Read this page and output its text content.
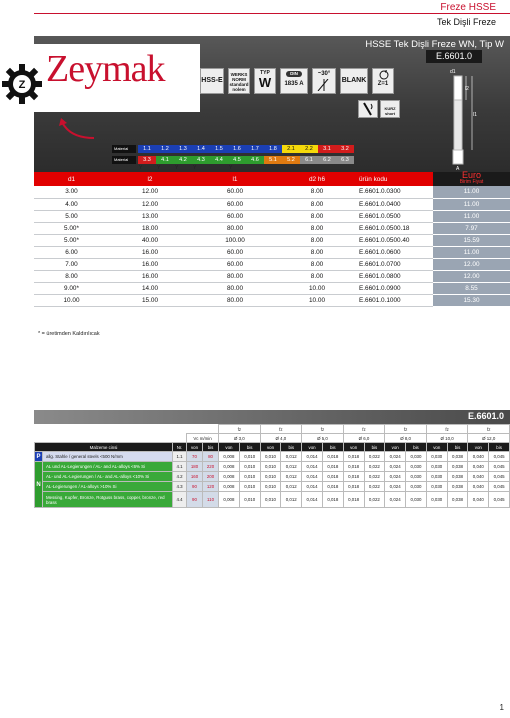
Freze HSSE
Tek Dişli Freze
HSSE Tek Dişli Freze WN, Tip W
E.6601.0
Z Zeymak	HSS-E
WERKS
NORM
standard
nolem
TYP
W
DIN
1835 A
~30°
BLANK	Z=1
KURZ
short
d1
l2
l1
A
Material	1.1	1.2	1.3	1.4	1.5	1.6	1.7	1.8	2.1	2.2	3.1	3.2
Material	3.3	4.1	4.2	4.3	4.4	4.5	4.6	5.1	5.2	6.1	6.2	6.3
Y	Y	Y	Y	Y
d1	l2	l1	d2 h6	ürün kodu	Euro
Birim Fiyat

3.00	12.00	60.00	8.00	E.6601.0.0300	11.00
4.00	12.00	60.00	8.00	E.6601.0.0400	11.00
5.00	13.00	60.00	8.00	E.6601.0.0500	11.00
5.00*	18.00	80.00	8.00	E.6601.0.0500.18	7.97
5.00*	40.00	100.00	8.00	E.6601.0.0500.40	15.59
6.00	16.00	60.00	8.00	E.6601.0.0600	11.00
7.00	16.00	60.00	8.00	E.6601.0.0700	12.00
8.00	16.00	80.00	8.00	E.6601.0.0800	12.00
9.00*	14.00	80.00	10.00	E.6601.0.0900	8.55
10.00	15.00	80.00	10.00	E.6601.0.1000	15.30
* = üretimden Kaldırılıcak
E.6601.0
					fz		fz		fz		fz		fz		fz		fz	
			Vc m/min		Ø 3,0		Ø 4,0		Ø 5,0		Ø 6,0		Ø 8,0		Ø 10,0		Ø 12,0	
Malzeme cinsi		Nr.	von	bis	von	bis	von	bis	von	bis	von	bis	von	bis	von	bis	von	bis
P	allg. Stahle / general steels <500 N/mm	1.1	70	80	0,008	0,010	0,010	0,012	0,014	0,018	0,018	0,022	0,024	0,030	0,030	0,038	0,040	0,045
N	AL und AL-Legierungen / AL- and AL-alloys <6% Si	4.1	180	220	0,008	0,010	0,010	0,012	0,014	0,018	0,018	0,022	0,024	0,030	0,030	0,038	0,040	0,045
	AL- und AL-Legierungen / AL- and AL-alloys <10% Si	4.2	160	200	0,008	0,010	0,010	0,012	0,014	0,018	0,018	0,022	0,024	0,030	0,030	0,038	0,040	0,045
	AL-Legierungen / AL-alloys >10% Si	4.3	90	120	0,008	0,010	0,010	0,012	0,014	0,018	0,018	0,022	0,024	0,030	0,030	0,038	0,040	0,045
	Messing, Kupfer, Bronze, Rotguss brass, copper, bronze, red brass	4.4	90	110	0,008	0,010	0,010	0,012	0,014	0,018	0,018	0,022	0,024	0,030	0,030	0,038	0,040	0,045
1
